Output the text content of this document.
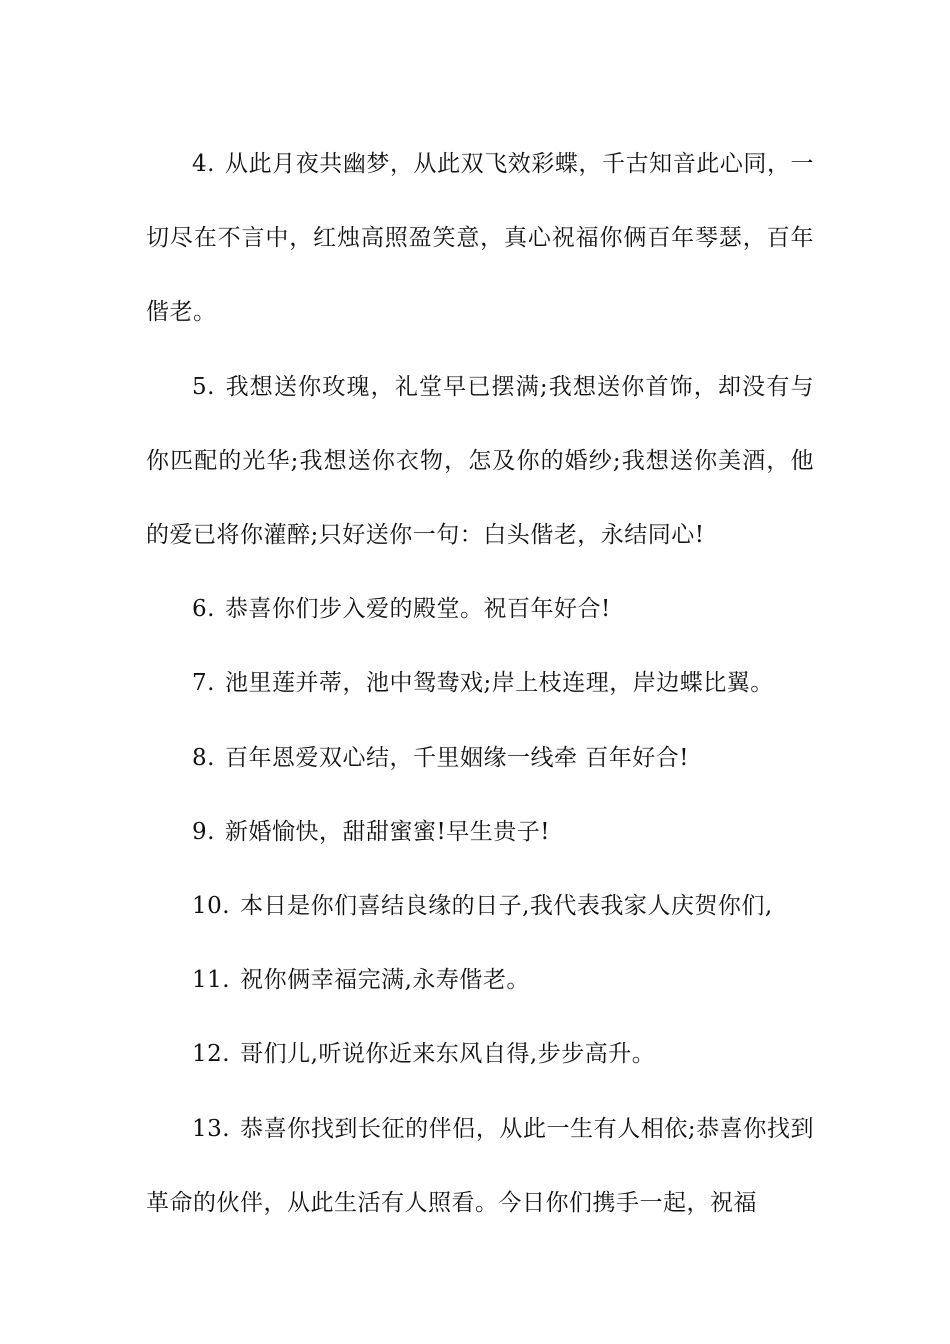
4. 从此月夜共幽梦，从此双飞效彩蝶，千古知音此心同，一切尽在不言中，红烛高照盈笑意，真心祝福你俩百年琴瑟，百年偕老。

5. 我想送你玫瑰，礼堂早已摆满;我想送你首饰，却没有与你匹配的光华;我想送你衣物，怎及你的婚纱;我想送你美酒，他的爱已将你灌醉;只好送你一句：白头偕老，永结同心!

6. 恭喜你们步入爱的殿堂。祝百年好合!

7. 池里莲并蒂，池中鸳鸯戏;岸上枝连理，岸边蝶比翼。

8. 百年恩爱双心结，千里姻缘一线牵 百年好合!

9. 新婚愉快，甜甜蜜蜜!早生贵子!

10. 本日是你们喜结良缘的日子,我代表我家人庆贺你们,

11. 祝你俩幸福完满,永寿偕老。

12. 哥们儿,听说你近来东风自得,步步高升。

13. 恭喜你找到长征的伴侣，从此一生有人相依;恭喜你找到革命的伙伴，从此生活有人照看。今日你们携手一起，祝福
